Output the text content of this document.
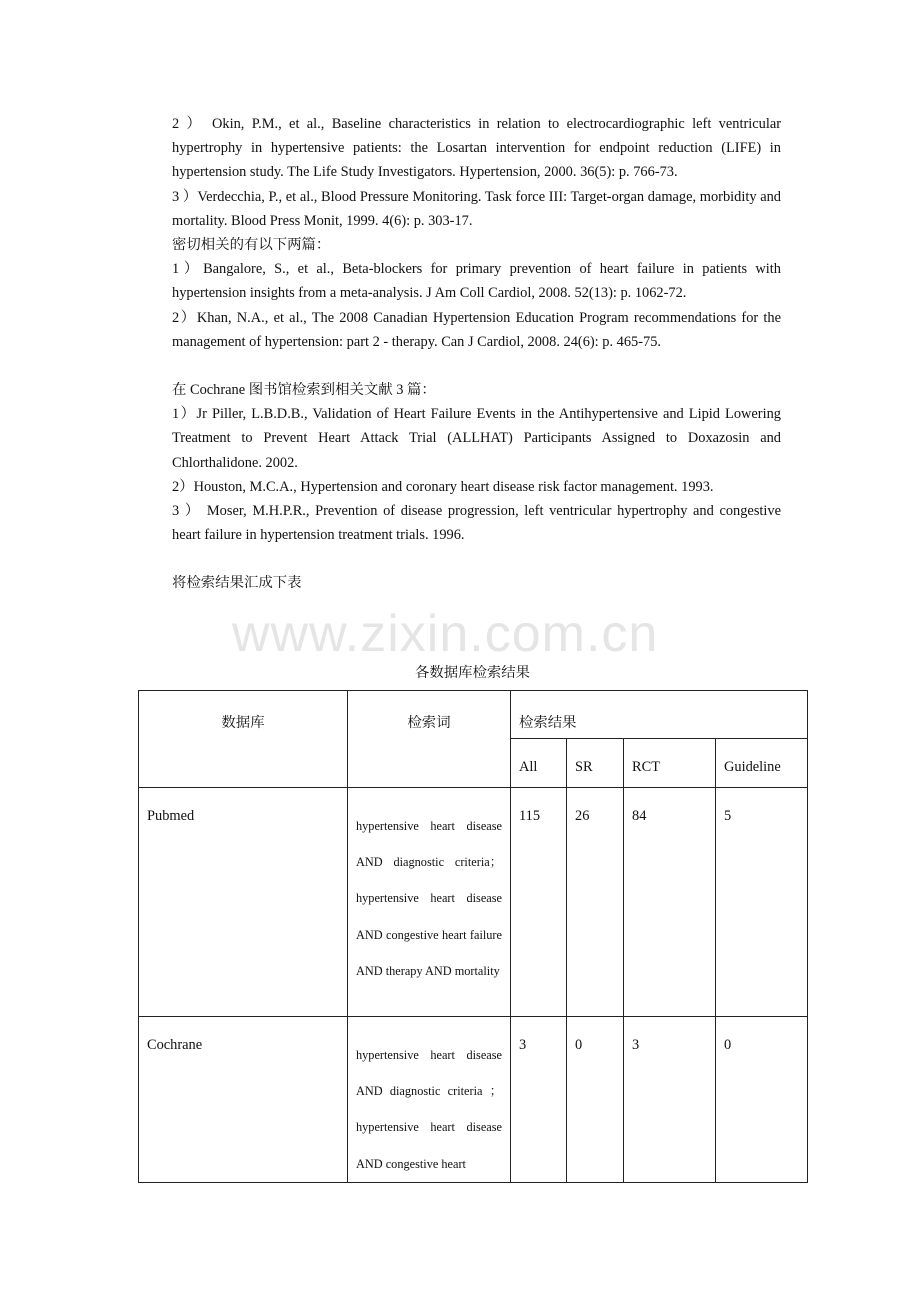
2 ） Okin, P.M., et al., Baseline characteristics in relation to electrocardiographic left ventricular hypertrophy in hypertensive patients: the Losartan intervention for endpoint reduction (LIFE) in hypertension study. The Life Study Investigators. Hypertension, 2000. 36(5): p. 766-73.

3 ）Verdecchia, P., et al., Blood Pressure Monitoring. Task force III: Target-organ damage, morbidity and mortality. Blood Press Monit, 1999. 4(6): p. 303-17.

密切相关的有以下两篇：

1）Bangalore, S., et al., Beta-blockers for primary prevention of heart failure in patients with hypertension insights from a meta-analysis. J Am Coll Cardiol, 2008. 52(13): p. 1062-72.

2）Khan, N.A., et al., The 2008 Canadian Hypertension Education Program recommendations for the management of hypertension: part 2 - therapy. Can J Cardiol, 2008. 24(6): p. 465-75.

在 Cochrane 图书馆检索到相关文献 3 篇：

1）Jr Piller, L.B.D.B., Validation of Heart Failure Events in the Antihypertensive and Lipid Lowering Treatment to Prevent Heart Attack Trial (ALLHAT) Participants Assigned to Doxazosin and Chlorthalidone. 2002.

2）Houston, M.C.A., Hypertension and coronary heart disease risk factor management. 1993.

3 ） Moser, M.H.P.R., Prevention of disease progression, left ventricular hypertrophy and congestive heart failure in hypertension treatment trials. 1996.

将检索结果汇成下表

www.zixin.com.cn
各数据库检索结果
数据库	检索词	检索结果			
		All	SR	RCT	Guideline
Pubmed	hypertensive heart disease AND diagnostic criteria；hypertensive heart disease AND congestive heart failure AND therapy AND mortality	115	26	84	5
Cochrane	hypertensive heart disease AND diagnostic criteria ；hypertensive heart disease AND congestive heart	3	0	3	0
